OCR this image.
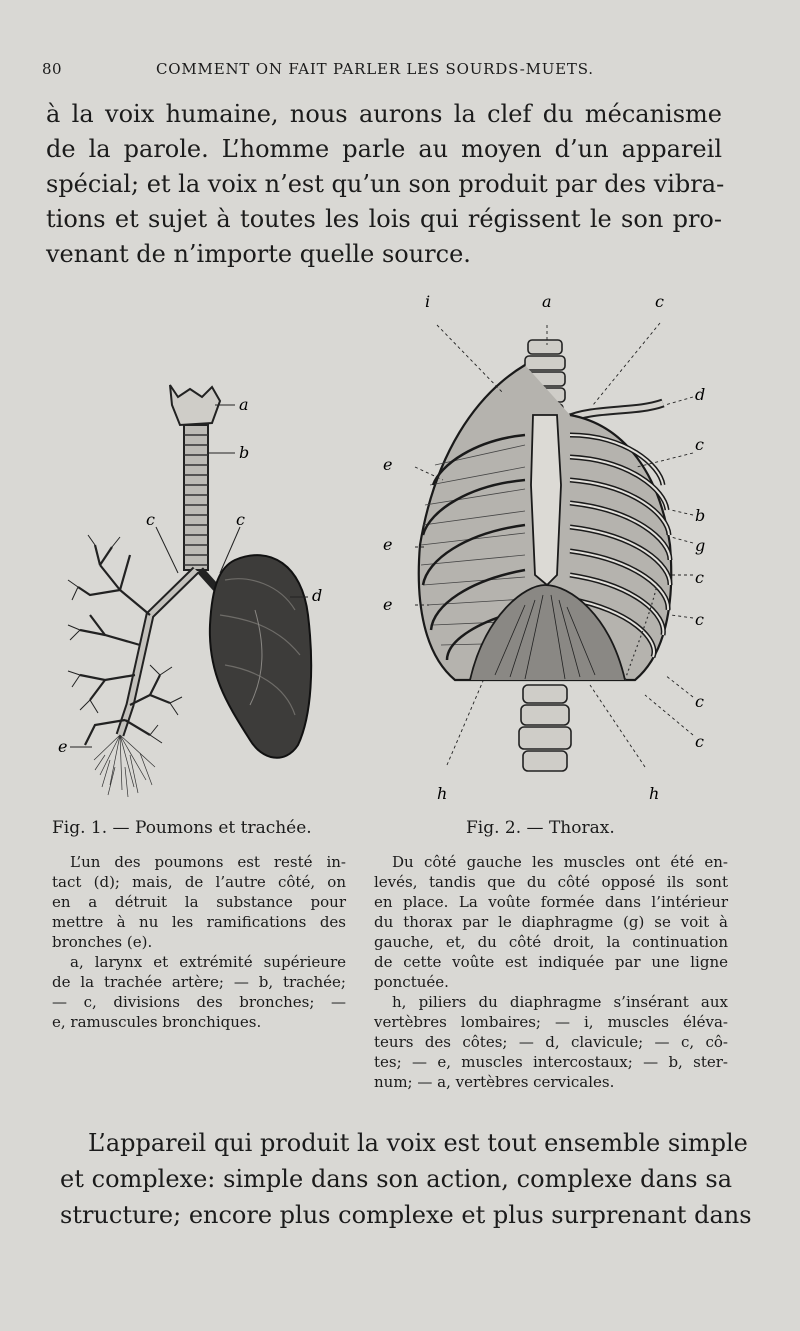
80	COMMENT ON FAIT PARLER LES SOURDS-MUETS.
à la voix humaine, nous aurons la clef du mécanisme
de la parole. L’homme parle au moyen d’un appareil
spécial; et la voix n’est qu’un son produit par des vibra-
tions et sujet à toutes les lois qui régissent le son pro-
venant de n’importe quelle source.
a
b
c	c
d
e
i	a	c
d
c
e
e
e
b
g
c
c
c
c
h	h
Fig. 1. — Poumons et trachée.	Fig. 2. — Thorax.
L’un des poumons est resté in-
tact (d); mais, de l’autre côté, on
en a détruit la substance pour
mettre à nu les ramifications des
bronches (e).
a, larynx et extrémité supérieure
de la trachée artère; — b, trachée;
— c, divisions des bronches; —
e, ramuscules bronchiques.
Du côté gauche les muscles ont été en-
levés, tandis que du côté opposé ils sont
en place. La voûte formée dans l’intérieur
du thorax par le diaphragme (g) se voit à
gauche, et, du côté droit, la continuation
de cette voûte est indiquée par une ligne
ponctuée.
h, piliers du diaphragme s’insérant aux
vertèbres lombaires; — i, muscles éléva-
teurs des côtes; — d, clavicule; — c, cô-
tes; — e, muscles intercostaux; — b, ster-
num; — a, vertèbres cervicales.
L’appareil qui produit la voix est tout ensemble simple
et complexe: simple dans son action, complexe dans sa
structure; encore plus complexe et plus surprenant dans
